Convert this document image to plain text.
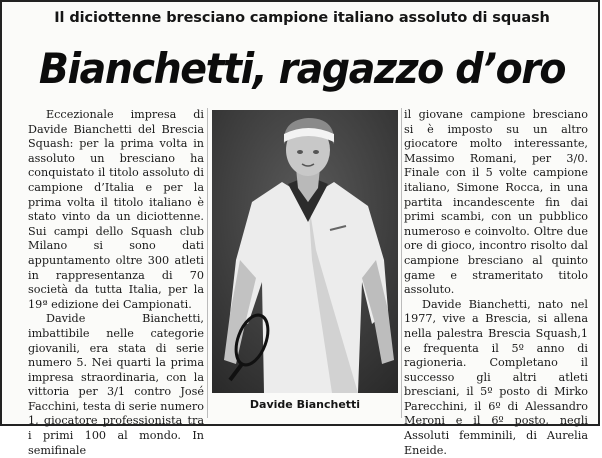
Il diciottenne bresciano campione italiano assoluto di squash
Bianchetti, ragazzo d’oro

Eccezionale impresa di Davide Bianchetti del Brescia Squash: per la prima volta in assoluto un bresciano ha conquistato il titolo assoluto di campione d’Italia e per la prima volta il titolo italiano è stato vinto da un diciottenne. Sui campi dello Squash club Milano si sono dati appuntamento oltre 300 atleti in rappresentanza di 70 società da tutta Italia, per la 19ª edizione dei Campionati.

Davide Bianchetti, imbattibile nelle categorie giovanili, era stata di serie numero 5. Nei quarti la prima impresa straordinaria, con la vittoria per 3/1 contro José Facchini, testa di serie numero 1, giocatore professionista tra i primi 100 al mondo. In semifinale

Davide Bianchetti

il giovane campione bresciano si è imposto su un altro giocatore molto interessante, Massimo Romani, per 3/0. Finale con il 5 volte campione italiano, Simone Rocca, in una partita incandescente fin dai primi scambi, con un pubblico numeroso e coinvolto. Oltre due ore di gioco, incontro risolto dal campione bresciano al quinto game e strameritato titolo assoluto.

Davide Bianchetti, nato nel 1977, vive a Brescia, si allena nella palestra Brescia Squash,1 e frequenta il 5º anno di ragioneria. Completano il successo gli altri atleti bresciani, il 5º posto di Mirko Parecchini, il 6º di Alessandro Meroni e il 6º posto, negli Assoluti femminili, di Aurelia Eneide.
